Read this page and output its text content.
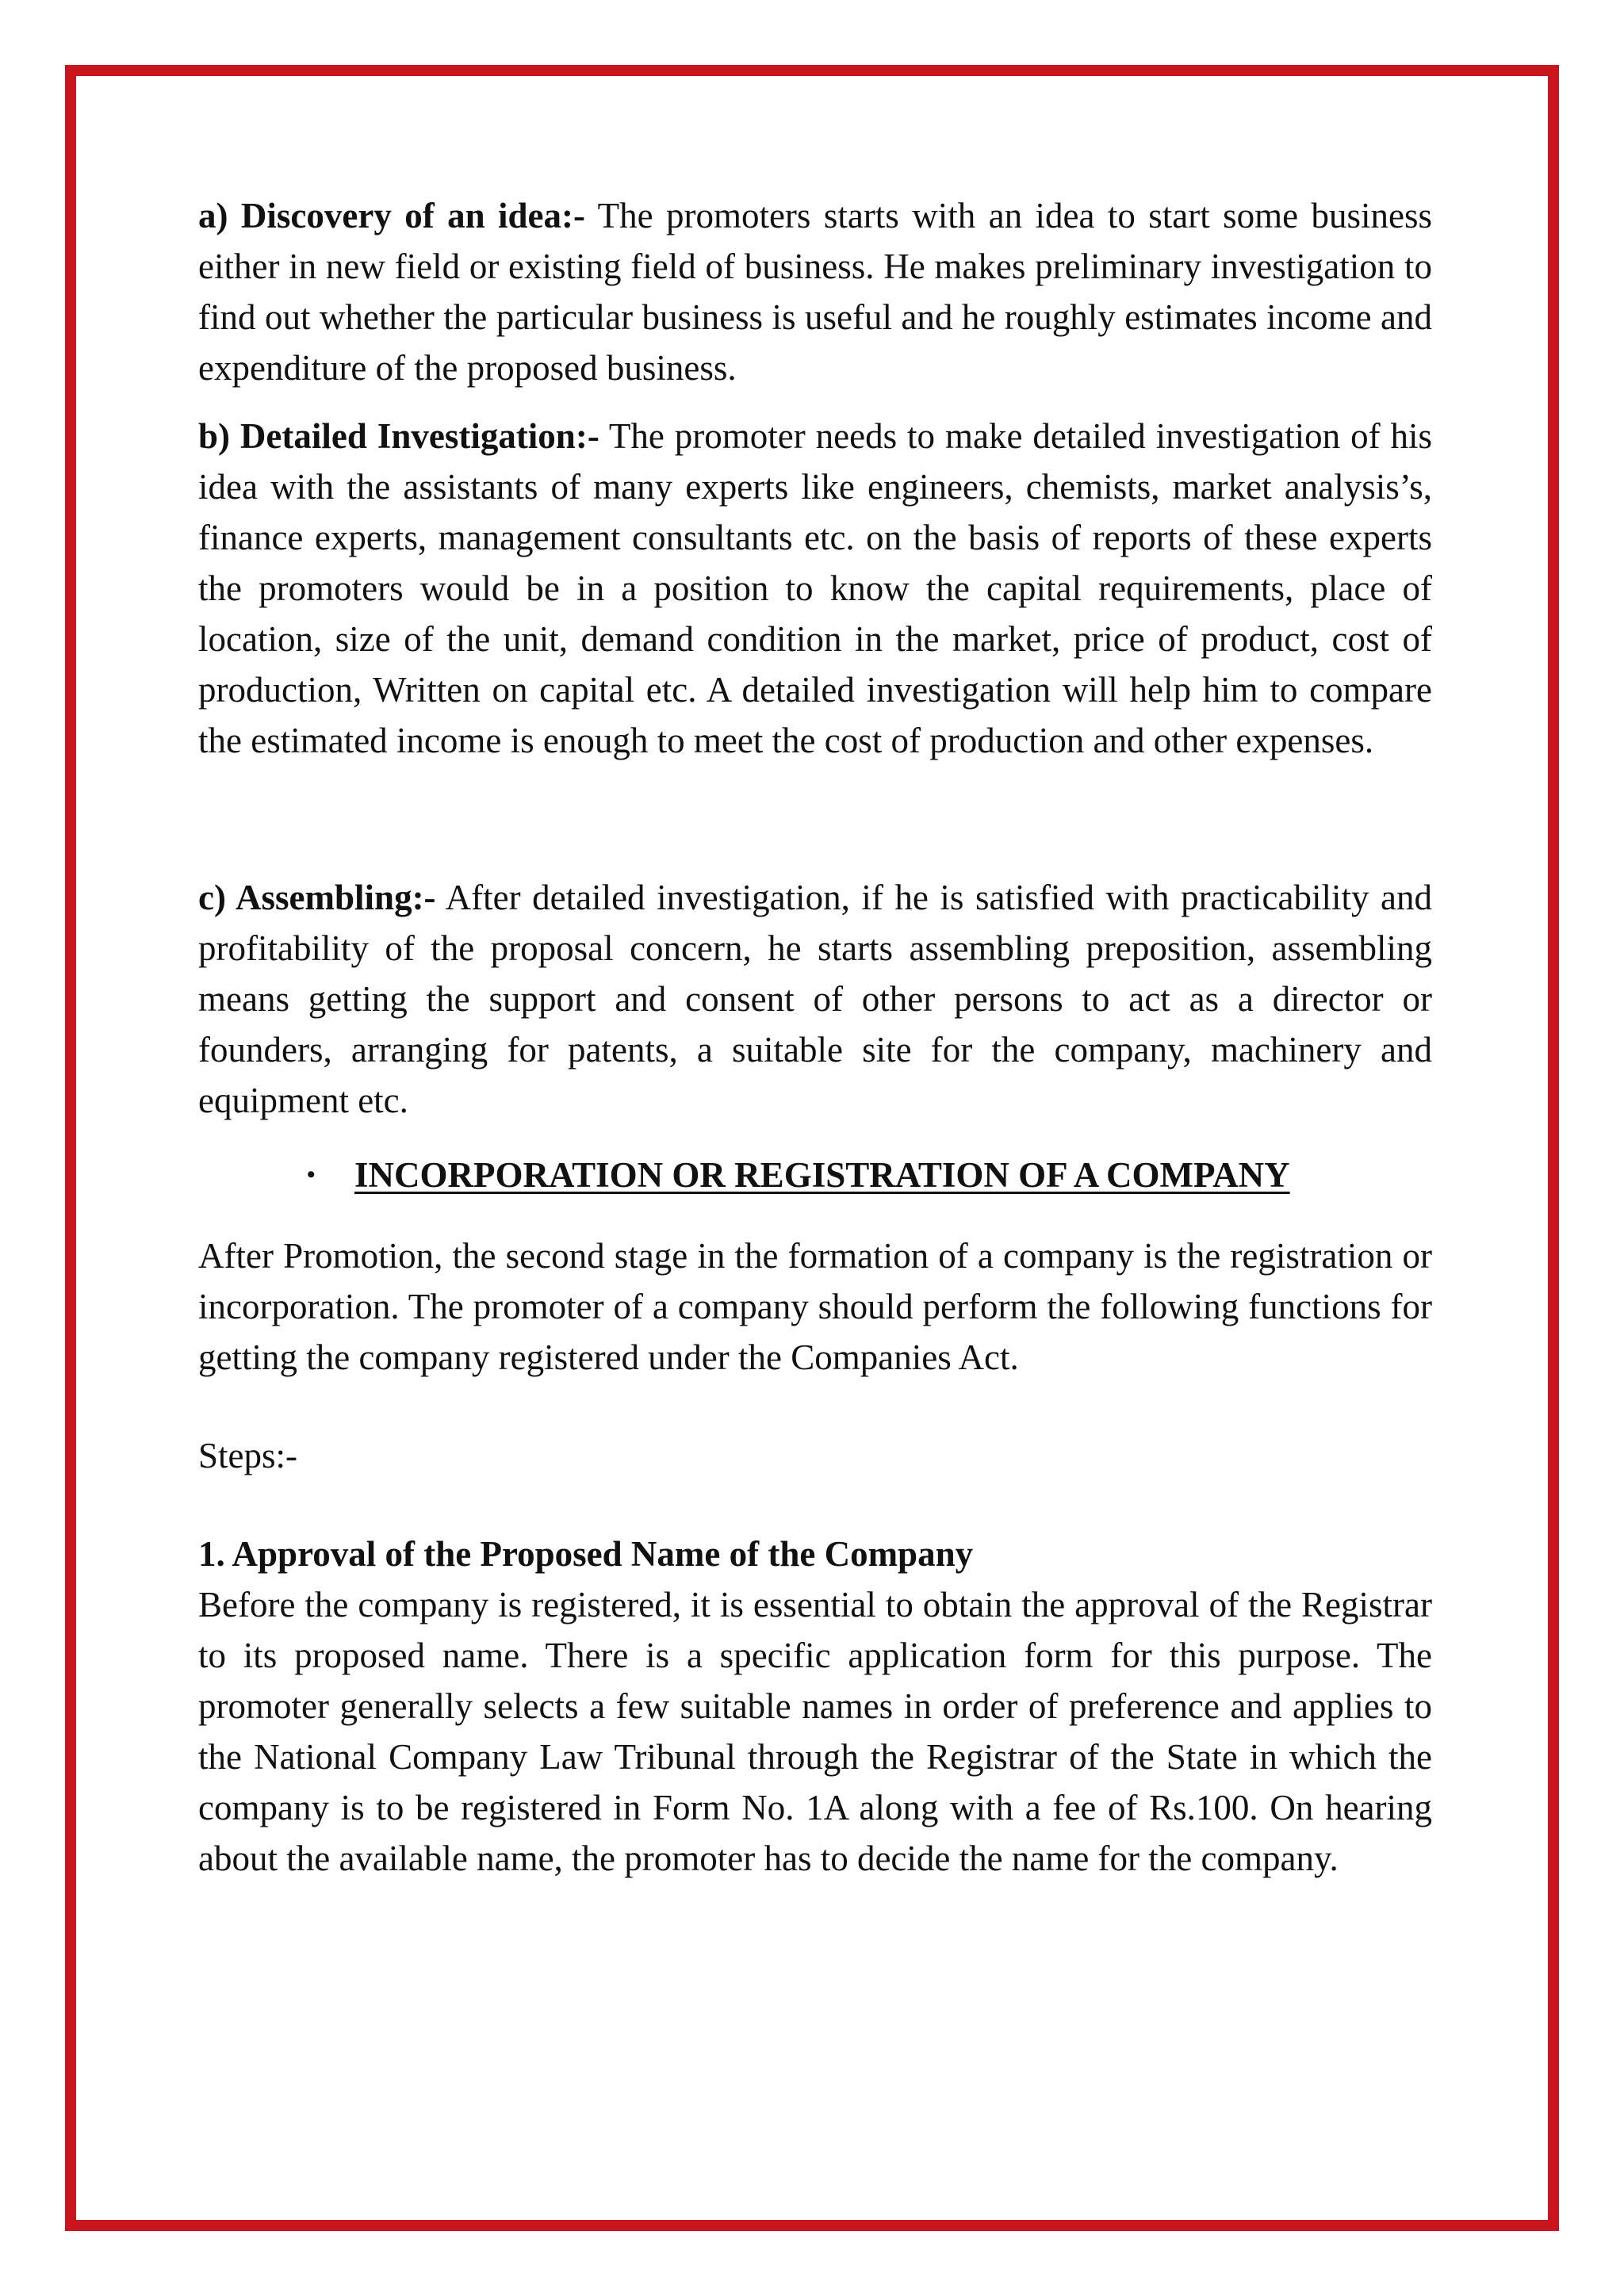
a) Discovery of an idea:- The promoters starts with an idea to start some business either in new field or existing field of business. He makes preliminary investigation to find out whether the particular business is useful and he roughly estimates income and expenditure of the proposed business.

b) Detailed Investigation:- The promoter needs to make detailed investigation of his idea with the assistants of many experts like engineers, chemists, market analysis’s, finance experts, management consultants etc. on the basis of reports of these experts the promoters would be in a position to know the capital requirements, place of location, size of the unit, demand condition in the market, price of product, cost of production, Written on capital etc. A detailed investigation will help him to compare the estimated income is enough to meet the cost of production and other expenses.

c) Assembling:- After detailed investigation, if he is satisfied with practicability and profitability of the proposal concern, he starts assembling preposition, assembling means getting the support and consent of other persons to act as a director or founders, arranging for patents, a suitable site for the company, machinery and equipment etc.

•	INCORPORATION OR REGISTRATION OF A COMPANY

After Promotion, the second stage in the formation of a company is the registration or incorporation. The promoter of a company should perform the following functions for getting the company registered under the Companies Act.

Steps:-

1. Approval of the Proposed Name of the Company

Before the company is registered, it is essential to obtain the approval of the Registrar to its proposed name. There is a specific application form for this purpose. The promoter generally selects a few suitable names in order of preference and applies to the National Company Law Tribunal through the Registrar of the State in which the company is to be registered in Form No. 1A along with a fee of Rs.100. On hearing about the available name, the promoter has to decide the name for the company.
